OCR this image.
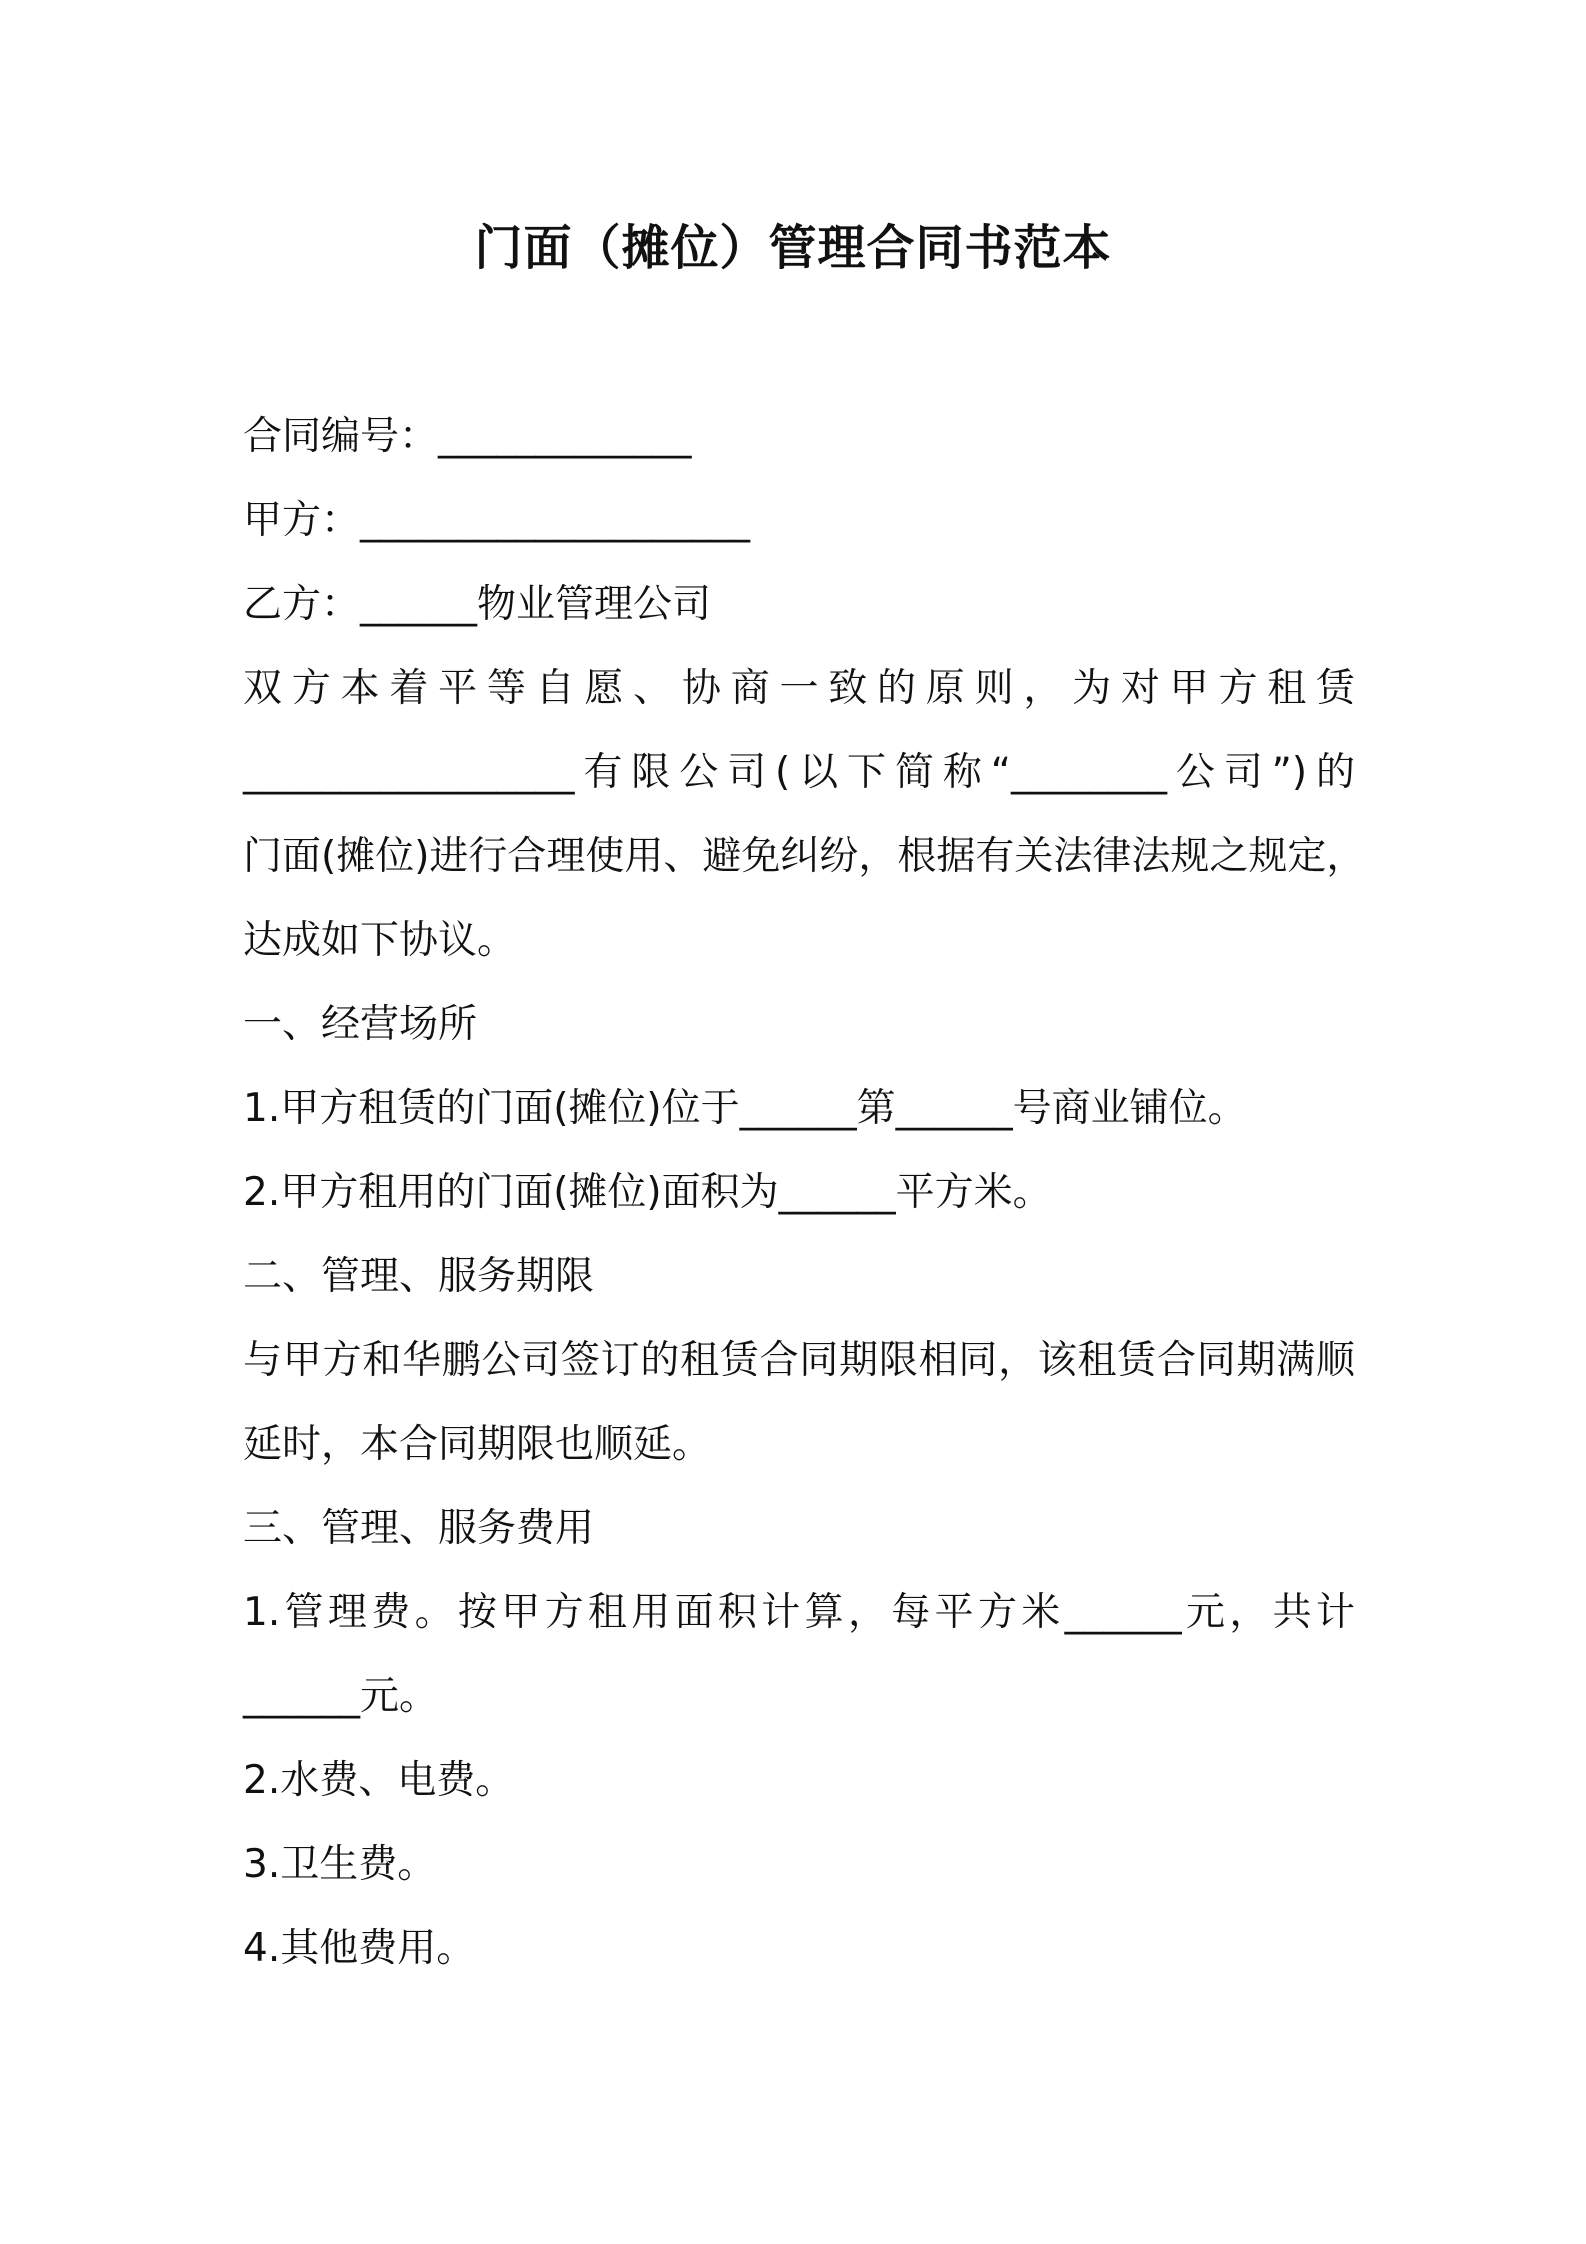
门面（摊位）管理合同书范本
合同编号：_____________
甲方：____________________
乙方：______物业管理公司
双方本着平等自愿、协商一致的原则，为对甲方租赁
_________________有限公司(以下简称“________公司”)的
门面(摊位)进行合理使用、避免纠纷，根据有关法律法规之规定，
达成如下协议。
一、经营场所
1.甲方租赁的门面(摊位)位于______第______号商业铺位。
2.甲方租用的门面(摊位)面积为______平方米。
二、管理、服务期限
与甲方和华鹏公司签订的租赁合同期限相同，该租赁合同期满顺
延时，本合同期限也顺延。
三、管理、服务费用
1.管理费。按甲方租用面积计算，每平方米______元，共计
______元。
2.水费、电费。
3.卫生费。
4.其他费用。
